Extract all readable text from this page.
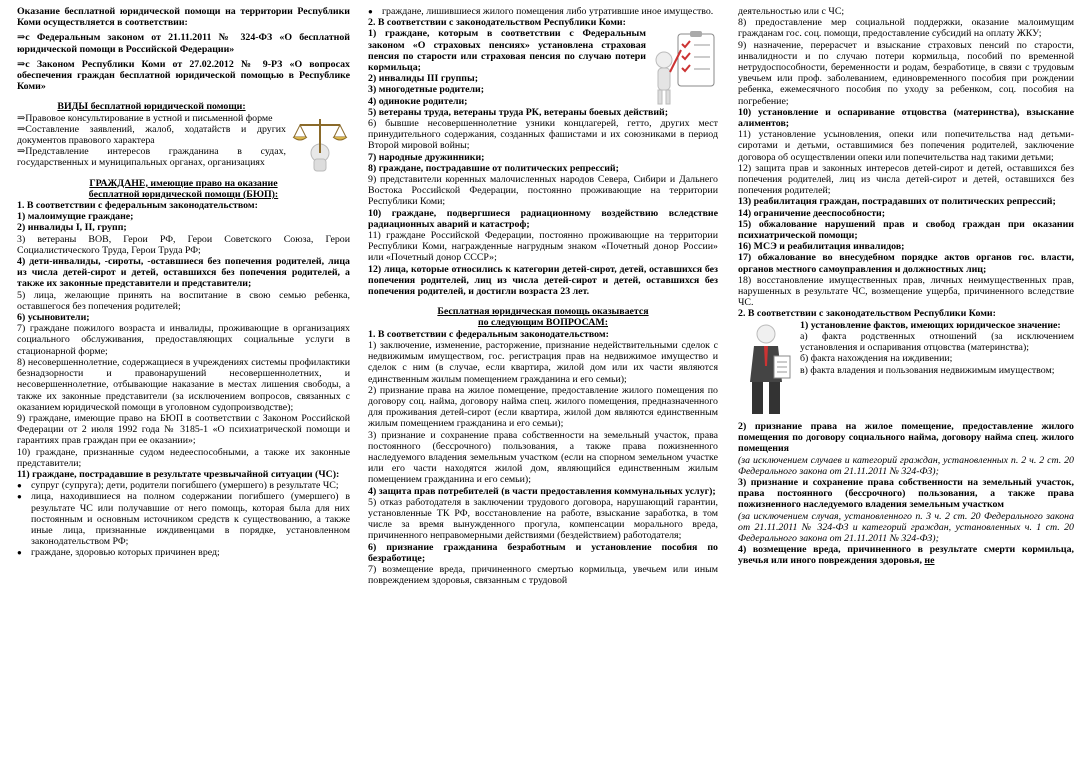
Оказание бесплатной юридической помощи на территории Республики Коми осуществляется в соответствии:

⇒с Федеральным законом от 21.11.2011 № 324-ФЗ «О бесплатной юридической помощи в Российской Федерации»

⇒с Законом Республики Коми от 27.02.2012 № 9-РЗ «О вопросах обеспечения граждан бесплатной юридической помощью в Республике Коми»

ВИДЫ бесплатной юридической помощи:

⇒Правовое консультирование в устной и письменной форме

⇒Составление заявлений, жалоб, ходатайств и других документов правового характера

⇒Представление интересов гражданина в судах, государственных и муниципальных органах, организациях

ГРАЖДАНЕ, имеющие право на оказание

бесплатной юридической помощи (БЮП):

1. В соответствии с федеральным законодательством:

1) малоимущие граждане;

2) инвалиды I, II, групп;

3) ветераны ВОВ, Герои РФ, Герои Советского Союза, Герои Социалистического Труда, Герои Труда РФ;

4) дети-инвалиды, -сироты, -оставшиеся без попечения родителей, лица из числа детей-сирот и детей, оставшихся без попечения родителей, а также их законные представители и представители;

5) лица, желающие принять на воспитание в свою семью ребенка, оставшегося без попечения родителей;

6) усыновители;

7) граждане пожилого возраста и инвалиды, проживающие в организациях социального обслуживания, предоставляющих социальные услуги в стационарной форме;

8) несовершеннолетние, содержащиеся в учреждениях системы профилактики безнадзорности и правонарушений несовершеннолетних, и несовершеннолетние, отбывающие наказание в местах лишения свободы, а также их законные представители (за исключением вопросов, связанных с оказанием юридической помощи в уголовном судопроизводстве);

9) граждане, имеющие право на БЮП в соответствии с Законом Российской Федерации от 2 июля 1992 года № 3185-1 «О психиатрической помощи и гарантиях прав граждан при ее оказании»;

10) граждане, признанные судом недееспособными, а также их законные представители;

11) граждане, пострадавшие в результате чрезвычайной ситуации (ЧС):

● супруг (супруга); дети, родители погибшего (умершего) в результате ЧС;

● лица, находившиеся на полном содержании погибшего (умершего) в результате ЧС или получавшие от него помощь, которая была для них постоянным и основным источником средств к существованию, а также иные лица, признанные иждивенцами в порядке, установленном законодательством РФ;

● граждане, здоровью которых причинен вред;

● граждане, лишившиеся жилого помещения либо утратившие иное имущество.

2. В соответствии с законодательством Республики Коми:

1) граждане, которым в соответствии с Федеральным законом «О страховых пенсиях» установлена страховая пенсия по старости или страховая пенсия по случаю потери кормильца;

2) инвалиды III группы;

3) многодетные родители;

4) одинокие родители;

5) ветераны труда, ветераны труда РК, ветераны боевых действий;

6) бывшие несовершеннолетние узники концлагерей, гетто, других мест принудительного содержания, созданных фашистами и их союзниками в период Второй мировой войны;

7) народные дружинники;

8) граждане, пострадавшие от политических репрессий;

9) представители коренных малочисленных народов Севера, Сибири и Дальнего Востока Российской Федерации, постоянно проживающие на территории Республики Коми;

10) граждане, подвергшиеся радиационному воздействию вследствие радиационных аварий и катастроф;

11) граждане Российской Федерации, постоянно проживающие на территории Республики Коми, награжденные нагрудным знаком «Почетный донор России» или «Почетный донор СССР»;

12) лица, которые относились к категории детей-сирот, детей, оставшихся без попечения родителей, лиц из числа детей-сирот и детей, оставшихся без попечения родителей, и достигли возраста 23 лет.

Бесплатная юридическая помощь оказывается

по следующим ВОПРОСАМ:

1. В соответствии с федеральным законодательством:

1) заключение, изменение, расторжение, признание недействительными сделок с недвижимым имуществом, гос. регистрация прав на недвижимое имущество и сделок с ним (в случае, если квартира, жилой дом или их части являются единственным жилым помещением гражданина и его семьи);

2) признание права на жилое помещение, предоставление жилого помещения по договору соц. найма, договору найма спец. жилого помещения, предназначенного для проживания детей-сирот (если квартира, жилой дом являются единственным жилым помещением гражданина и его семьи);

3) признание и сохранение права собственности на земельный участок, права постоянного (бессрочного) пользования, а также права пожизненного наследуемого владения земельным участком (если на спорном земельном участке или его части находятся жилой дом, являющийся единственным жилым помещением гражданина и его семьи);

4) защита прав потребителей (в части предоставления коммунальных услуг);

5) отказ работодателя в заключении трудового договора, нарушающий гарантии, установленные ТК РФ, восстановление на работе, взыскание заработка, в том числе за время вынужденного прогула, компенсации морального вреда, причиненного неправомерными действиями (бездействием) работодателя;

6) признание гражданина безработным и установление пособия по безработице;

7) возмещение вреда, причиненного смертью кормильца, увечьем или иным повреждением здоровья, связанным с трудовой

деятельностью или с ЧС;

8) предоставление мер социальной поддержки, оказание малоимущим гражданам гос. соц. помощи, предоставление субсидий на оплату ЖКУ;

9) назначение, перерасчет и взыскание страховых пенсий по старости, инвалидности и по случаю потери кормильца, пособий по временной нетрудоспособности, беременности и родам, безработице, в связи с трудовым увечьем или проф. заболеванием, единовременного пособия при рождении ребенка, ежемесячного пособия по уходу за ребенком, соц. пособия на погребение;

10) установление и оспаривание отцовства (материнства), взыскание алиментов;

11) установление усыновления, опеки или попечительства над детьми-сиротами и детьми, оставшимися без попечения родителей, заключение договора об осуществлении опеки или попечительства над такими детьми;

12) защита прав и законных интересов детей-сирот и детей, оставшихся без попечения родителей, лиц из числа детей-сирот и детей, оставшихся без попечения родителей;

13) реабилитация граждан, пострадавших от политических репрессий;

14) ограничение дееспособности;

15) обжалование нарушений прав и свобод граждан при оказании психиатрической помощи;

16) МСЭ и реабилитация инвалидов;

17) обжалование во внесудебном порядке актов органов гос. власти, органов местного самоуправления и должностных лиц;

18) восстановление имущественных прав, личных неимущественных прав, нарушенных в результате ЧС, возмещение ущерба, причиненного вследствие ЧС.

2. В соответствии с законодательством Республики Коми:

1) установление фактов, имеющих юридическое значение:

а) факта родственных отношений (за исключением установления и оспаривания отцовства (материнства);

б) факта нахождения на иждивении;

в) факта владения и пользования недвижимым имуществом;

2) признание права на жилое помещение, предоставление жилого помещения по договору социального найма, договору найма спец. жилого помещения

(за исключением случаев и категорий граждан, установленных п. 2 ч. 2 ст. 20 Федерального закона от 21.11.2011 № 324-ФЗ);

3) признание и сохранение права собственности на земельный участок, права постоянного (бессрочного) пользования, а также права пожизненного наследуемого владения земельным участком

(за исключением случая, установленного п. 3 ч. 2 ст. 20 Федерального закона от 21.11.2011 № 324-ФЗ и категорий граждан, установленных ч. 1 ст. 20 Федерального закона от 21.11.2011 № 324-ФЗ);

4) возмещение вреда, причиненного в результате смерти кормильца, увечья или иного повреждения здоровья, не
